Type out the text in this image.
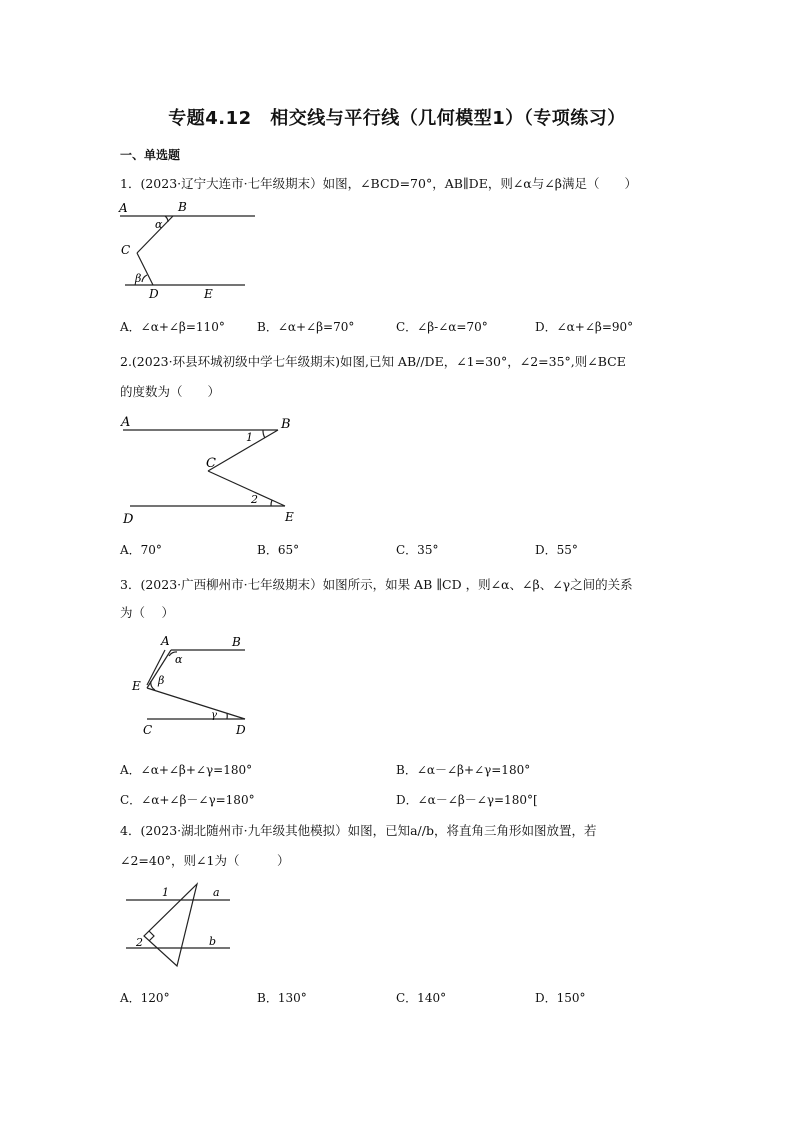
专题4.12　相交线与平行线（几何模型1）（专项练习）
一、单选题
1．(2023·辽宁大连市·七年级期末）如图，∠BCD=70°，AB∥DE，则∠α与∠β满足（　　）
A	B
α
C
β
D	E
A．∠α+∠β=110°	B．∠α+∠β=70°	C．∠β-∠α=70°	D．∠α+∠β=90°
2.(2023·环县环城初级中学七年级期末)如图,已知 AB//DE，∠1=30°，∠2=35°,则∠BCE
的度数为（　　）
A	B
1
C
2
D	E
A．70°	B．65°	C．35°	D．55°
3．(2023·广西柳州市·七年级期末）如图所示，如果 AB ∥CD ，则∠α、∠β、∠γ之间的关系
为（　 ）
A	B
α
β
E
γ
C	D
A．∠α+∠β+∠γ=180°	B．∠α－∠β+∠γ=180°
C．∠α+∠β－∠γ=180°	D．∠α－∠β－∠γ=180°[
4．(2023·湖北随州市·九年级其他模拟）如图，已知a//b，将直角三角形如图放置，若
∠2=40°，则∠1为（　　　）
1	a
2	b
A．120°	B．130°	C．140°	D．150°
